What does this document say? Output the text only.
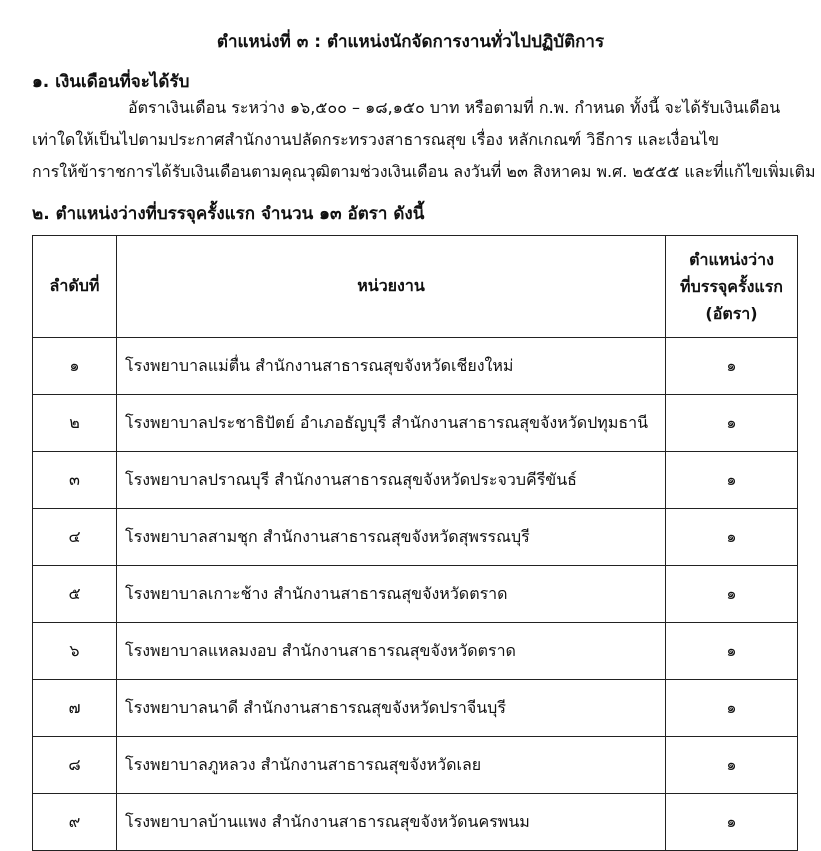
ตำแหน่งที่ ๓ : ตำแหน่งนักจัดการงานทั่วไปปฏิบัติการ
๑. เงินเดือนที่จะได้รับ
อัตราเงินเดือน ระหว่าง ๑๖,๕๐๐ – ๑๘,๑๕๐ บาท หรือตามที่ ก.พ. กำหนด ทั้งนี้ จะได้รับเงินเดือน
เท่าใดให้เป็นไปตามประกาศสำนักงานปลัดกระทรวงสาธารณสุข เรื่อง หลักเกณฑ์ วิธีการ และเงื่อนไข
การให้ข้าราชการได้รับเงินเดือนตามคุณวุฒิตามช่วงเงินเดือน ลงวันที่ ๒๓ สิงหาคม พ.ศ. ๒๕๕๕ และที่แก้ไขเพิ่มเติม
๒. ตำแหน่งว่างที่บรรจุครั้งแรก จำนวน ๑๓ อัตรา ดังนี้
ลำดับที่	หน่วยงาน	ตำแหน่งว่าง
ที่บรรจุครั้งแรก
(อัตรา)

๑	โรงพยาบาลแม่ตื่น สำนักงานสาธารณสุขจังหวัดเชียงใหม่	๑
๒	โรงพยาบาลประชาธิปัตย์ อำเภอธัญบุรี สำนักงานสาธารณสุขจังหวัดปทุมธานี	๑
๓	โรงพยาบาลปราณบุรี สำนักงานสาธารณสุขจังหวัดประจวบคีรีขันธ์	๑
๔	โรงพยาบาลสามชุก สำนักงานสาธารณสุขจังหวัดสุพรรณบุรี	๑
๕	โรงพยาบาลเกาะช้าง สำนักงานสาธารณสุขจังหวัดตราด	๑
๖	โรงพยาบาลแหลมงอบ สำนักงานสาธารณสุขจังหวัดตราด	๑
๗	โรงพยาบาลนาดี สำนักงานสาธารณสุขจังหวัดปราจีนบุรี	๑
๘	โรงพยาบาลภูหลวง สำนักงานสาธารณสุขจังหวัดเลย	๑
๙	โรงพยาบาลบ้านแพง สำนักงานสาธารณสุขจังหวัดนครพนม	๑
